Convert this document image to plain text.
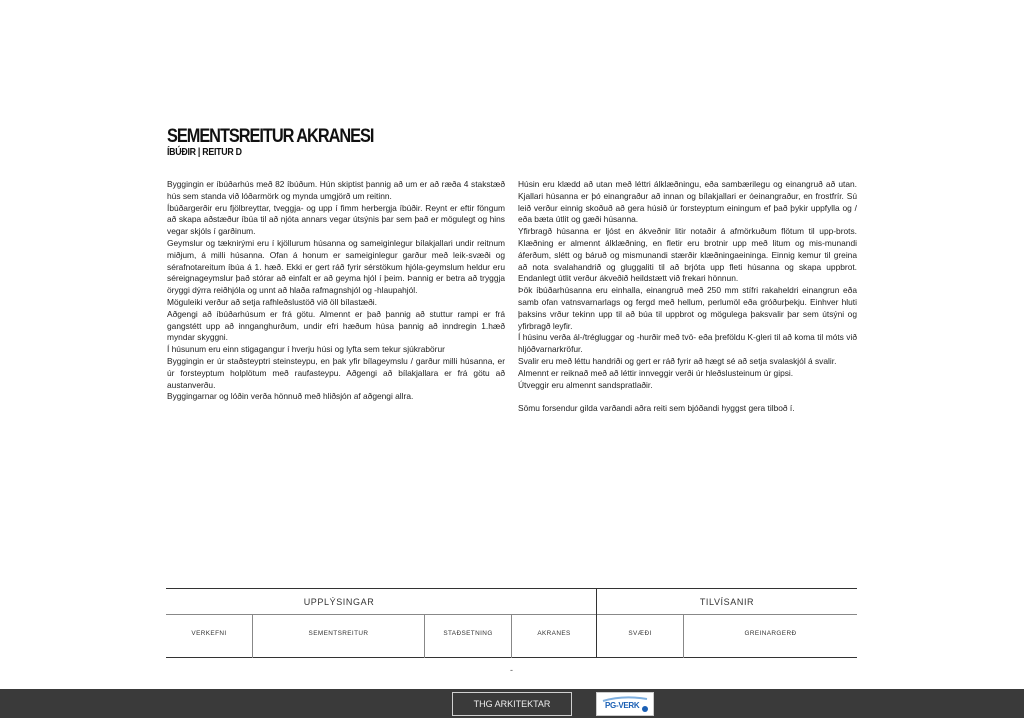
SEMENTSREITUR AKRANESI
ÍBÚÐIR | REITUR D

Byggingin er íbúðarhús með 82 íbúðum. Hún skiptist þannig að um er að ræða 4 stakstæð hús sem standa við lóðarmörk og mynda umgjörð um reitinn.

Íbúðargerðir eru fjölbreyttar, tveggja- og upp í fimm herbergja íbúðir. Reynt er eftir föngum að skapa aðstæður íbúa til að njóta annars vegar útsýnis þar sem það er mögulegt og hins vegar skjóls í garðinum.

Geymslur og tæknirými eru í kjöllurum húsanna og sameiginlegur bílakjallari undir reitnum miðjum, á milli húsanna. Ofan á honum er sameiginlegur garður með leik-svæði og sérafnotareitum íbúa á 1. hæð. Ekki er gert ráð fyrir sérstökum hjóla-geymslum heldur eru séreignageymslur það stórar að einfalt er að geyma hjól í þeim. Þannig er betra að tryggja öryggi dýrra reiðhjóla og unnt að hlaða rafmagnshjól og -hlaupahjól.

Möguleiki verður að setja rafhleðslustöð við öll bílastæði.

Aðgengi að íbúðarhúsum er frá götu. Almennt er það þannig að stuttur rampi er frá gangstétt upp að innganghurðum, undir efri hæðum húsa þannig að inndregin 1.hæð myndar skyggni.

Í húsunum eru einn stigagangur í hverju húsi og lyfta sem tekur sjúkrabörur

Byggingin er úr staðsteyptri steinsteypu, en þak yfir bílageymslu / garður milli húsanna, er úr forsteyptum holplötum með raufasteypu. Aðgengi að bílakjallara er frá götu að austanverðu.

Byggingarnar og lóðin verða hönnuð með hliðsjón af aðgengi allra.

Húsin eru klædd að utan með léttri álklæðningu, eða sambærilegu og einangruð að utan. Kjallari húsanna er þó einangraður að innan og bílakjallari er óeinangraður, en frostfrír. Sú leið verður einnig skoðuð að gera húsið úr forsteyptum einingum ef það þykir uppfylla og / eða bæta útlit og gæði húsanna.

Yfirbragð húsanna er ljóst en ákveðnir litir notaðir á afmörkuðum flötum til upp-brots. Klæðning er almennt álklæðning, en fletir eru brotnir upp með litum og mis-munandi áferðum, slétt og báruð og mismunandi stærðir klæðningaeininga. Einnig kemur til greina að nota svalahandrið og gluggaliti til að brjóta upp fleti húsanna og skapa uppbrot. Endanlegt útlit verður ákveðið heildstætt við frekari hönnun.

Þök íbúðarhúsanna eru einhalla, einangruð með 250 mm stífri rakaheldri einangrun eða samb ofan vatnsvarnarlags og fergd með hellum, perlumöl eða gróðurþekju. Einhver hluti þaksins vrður tekinn upp til að búa til uppbrot og mögulega þaksvalir þar sem útsýni og yfirbragð leyfir.

Í húsinu verða ál-/trégluggar og -hurðir með tvö- eða þreföldu K-gleri til að koma til móts við hljóðvarnarkröfur.

Svalir eru með léttu handriði og gert er ráð fyrir að hægt sé að setja svalaskjól á svalir.

Almennt er reiknað með að léttir innveggir verði úr hleðslusteinum úr gipsi.

Útveggir eru almennt sandspratlaðir.

Sömu forsendur gilda varðandi aðra reiti sem bjóðandi hyggst gera tilboð í.

UPPLÝSINGAR	TILVÍSANIR
VERKEFNI	SEMENTSREITUR	STAÐSETNING	AKRANES	SVÆÐI	GREINARGERÐ
-
THG ARKITEKTAR	PG-VERK
